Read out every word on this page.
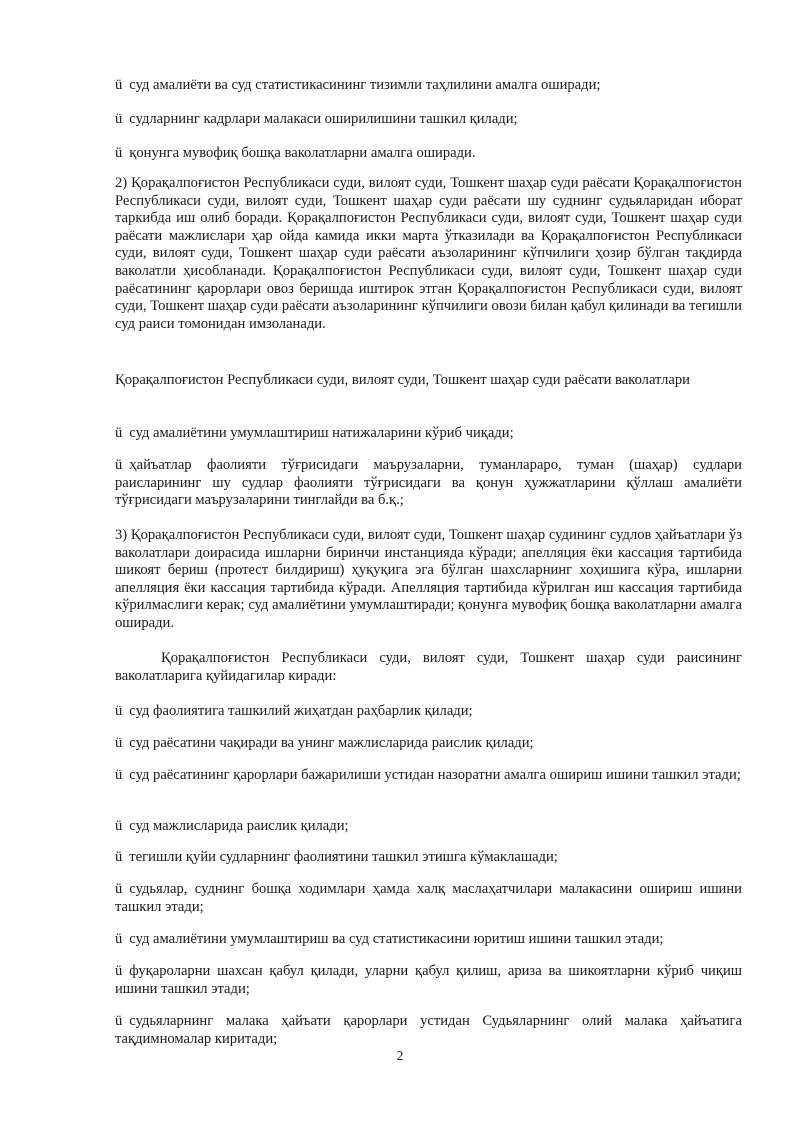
ü суд амалиёти ва суд статистикасининг тизимли таҳлилини амалга оширади;

ü судларнинг кадрлари малакаси оширилишини ташкил қилади;

ü қонунга мувофиқ бошқа ваколатларни амалга оширади.

2) Қорақалпоғистон Республикаси суди, вилоят суди, Тошкент шаҳар суди раёсати Қорақалпоғистон Республикаси суди, вилоят суди, Тошкент шаҳар суди раёсати шу суднинг судьяларидан иборат таркибда иш олиб боради. Қорақалпоғистон Республикаси суди, вилоят суди, Тошкент шаҳар суди раёсати мажлислари ҳар ойда камида икки марта ўтказилади ва Қорақалпоғистон Республикаси суди, вилоят суди, Тошкент шаҳар суди раёсати аъзоларининг кўпчилиги ҳозир бўлган тақдирда ваколатли ҳисобланади. Қорақалпоғистон Республикаси суди, вилоят суди, Тошкент шаҳар суди раёсатининг қарорлари овоз беришда иштирок этган Қорақалпоғистон Республикаси суди, вилоят суди, Тошкент шаҳар суди раёсати аъзоларининг кўпчилиги овози билан қабул қилинади ва тегишли суд раиси томонидан имзоланади.

Қорақалпоғистон Республикаси суди, вилоят суди, Тошкент шаҳар суди раёсати ваколатлари

ü суд амалиётини умумлаштириш натижаларини кўриб чиқади;

ü ҳайъатлар фаолияти тўғрисидаги маърузаларни, туманлараро, туман (шаҳар) судлари раисларининг шу судлар фаолияти тўғрисидаги ва қонун ҳужжатларини қўллаш амалиёти тўғрисидаги маърузаларини тинглайди ва б.қ.;

3) Қорақалпоғистон Республикаси суди, вилоят суди, Тошкент шаҳар судининг судлов ҳайъатлари ўз ваколатлари доирасида ишларни биринчи инстанцияда кўради; апелляция ёки кассация тартибида шикоят бериш (протест билдириш) ҳуқуқига эга бўлган шахсларнинг хоҳишига кўра, ишларни апелляция ёки кассация тартибида кўради. Апелляция тартибида кўрилган иш кассация тартибида кўрилмаслиги керак; суд амалиётини умумлаштиради; қонунга мувофиқ бошқа ваколатларни амалга оширади.

Қорақалпоғистон Республикаси суди, вилоят суди, Тошкент шаҳар суди раисининг ваколатларига қуйидагилар киради:

ü суд фаолиятига ташкилий жиҳатдан раҳбарлик қилади;

ü суд раёсатини чақиради ва унинг мажлисларида раислик қилади;

ü суд раёсатининг қарорлари бажарилиши устидан назоратни амалга ошириш ишини ташкил этади;

ü суд мажлисларида раислик қилади;

ü тегишли қуйи судларнинг фаолиятини ташкил этишга кўмаклашади;

ü судьялар, суднинг бошқа ходимлари ҳамда халқ маслаҳатчилари малакасини ошириш ишини ташкил этади;

ü суд амалиётини умумлаштириш ва суд статистикасини юритиш ишини ташкил этади;

ü фуқароларни шахсан қабул қилади, уларни қабул қилиш, ариза ва шикоятларни кўриб чиқиш ишини ташкил этади;

ü судьяларнинг малака ҳайъати қарорлари устидан Судьяларнинг олий малака ҳайъатига тақдимномалар киритади;

2
